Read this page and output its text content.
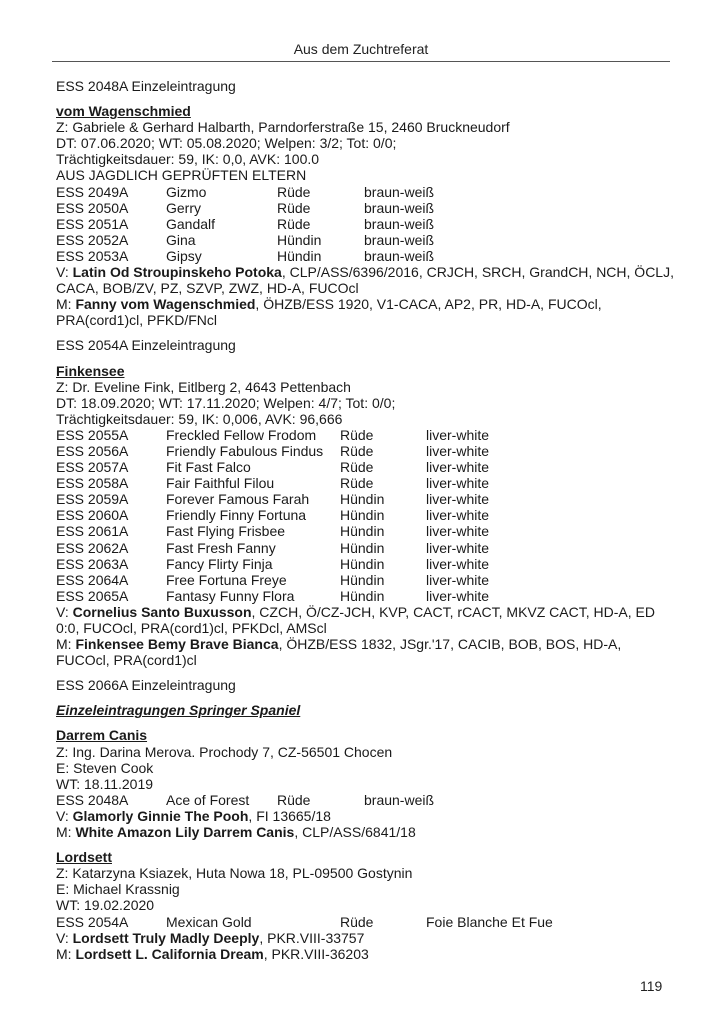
Aus dem Zuchtreferat
ESS 2048A Einzeleintragung
vom Wagenschmied
Z: Gabriele & Gerhard Halbarth, Parndorferstraße 15, 2460 Bruckneudorf
DT: 07.06.2020; WT: 05.08.2020; Welpen: 3/2; Tot: 0/0;
Trächtigkeitsdauer: 59, IK: 0,0, AVK: 100.0
AUS JAGDLICH GEPRÜFTEN ELTERN
ESS 2049A	Gizmo	Rüde	braun-weiß
ESS 2050A	Gerry	Rüde	braun-weiß
ESS 2051A	Gandalf	Rüde	braun-weiß
ESS 2052A	Gina	Hündin	braun-weiß
ESS 2053A	Gipsy	Hündin	braun-weiß
V: Latin Od Stroupinskeho Potoka, CLP/ASS/6396/2016, CRJCH, SRCH, GrandCH, NCH, ÖCLJ, CACA, BOB/ZV, PZ, SZVP, ZWZ, HD-A, FUCOcl
M: Fanny vom Wagenschmied, ÖHZB/ESS 1920, V1-CACA, AP2, PR, HD-A, FUCOcl, PRA(cord1)cl, PFKD/FNcl
ESS 2054A Einzeleintragung
Finkensee
Z: Dr. Eveline Fink, Eitlberg 2, 4643 Pettenbach
DT: 18.09.2020; WT: 17.11.2020; Welpen: 4/7; Tot: 0/0;
Trächtigkeitsdauer: 59, IK: 0,006, AVK: 96,666
ESS 2055A	Freckled Fellow Frodom	Rüde	liver-white
ESS 2056A	Friendly Fabulous Findus	Rüde	liver-white
ESS 2057A	Fit Fast Falco	Rüde	liver-white
ESS 2058A	Fair Faithful Filou	Rüde	liver-white
ESS 2059A	Forever Famous Farah	Hündin	liver-white
ESS 2060A	Friendly Finny Fortuna	Hündin	liver-white
ESS 2061A	Fast Flying Frisbee	Hündin	liver-white
ESS 2062A	Fast Fresh Fanny	Hündin	liver-white
ESS 2063A	Fancy Flirty Finja	Hündin	liver-white
ESS 2064A	Free Fortuna Freye	Hündin	liver-white
ESS 2065A	Fantasy Funny Flora	Hündin	liver-white
V: Cornelius Santo Buxusson, CZCH, Ö/CZ-JCH, KVP, CACT, rCACT, MKVZ CACT, HD-A, ED 0:0, FUCOcl, PRA(cord1)cl, PFKDcl, AMScl
M: Finkensee Bemy Brave Bianca, ÖHZB/ESS 1832, JSgr.'17, CACIB, BOB, BOS, HD-A, FUCOcl, PRA(cord1)cl
ESS 2066A Einzeleintragung
Einzeleintragungen Springer Spaniel
Darrem Canis
Z: Ing. Darina Merova. Prochody 7, CZ-56501 Chocen
E: Steven Cook
WT: 18.11.2019
ESS 2048A	Ace of Forest	Rüde	braun-weiß
V: Glamorly Ginnie The Pooh, FI 13665/18
M: White Amazon Lily Darrem Canis, CLP/ASS/6841/18
Lordsett
Z: Katarzyna Ksiazek, Huta Nowa 18, PL-09500 Gostynin
E: Michael Krassnig
WT: 19.02.2020
ESS 2054A	Mexican Gold	Rüde	Foie Blanche Et Fue
V: Lordsett Truly Madly Deeply, PKR.VIII-33757
M: Lordsett L. California Dream, PKR.VIII-36203
119
